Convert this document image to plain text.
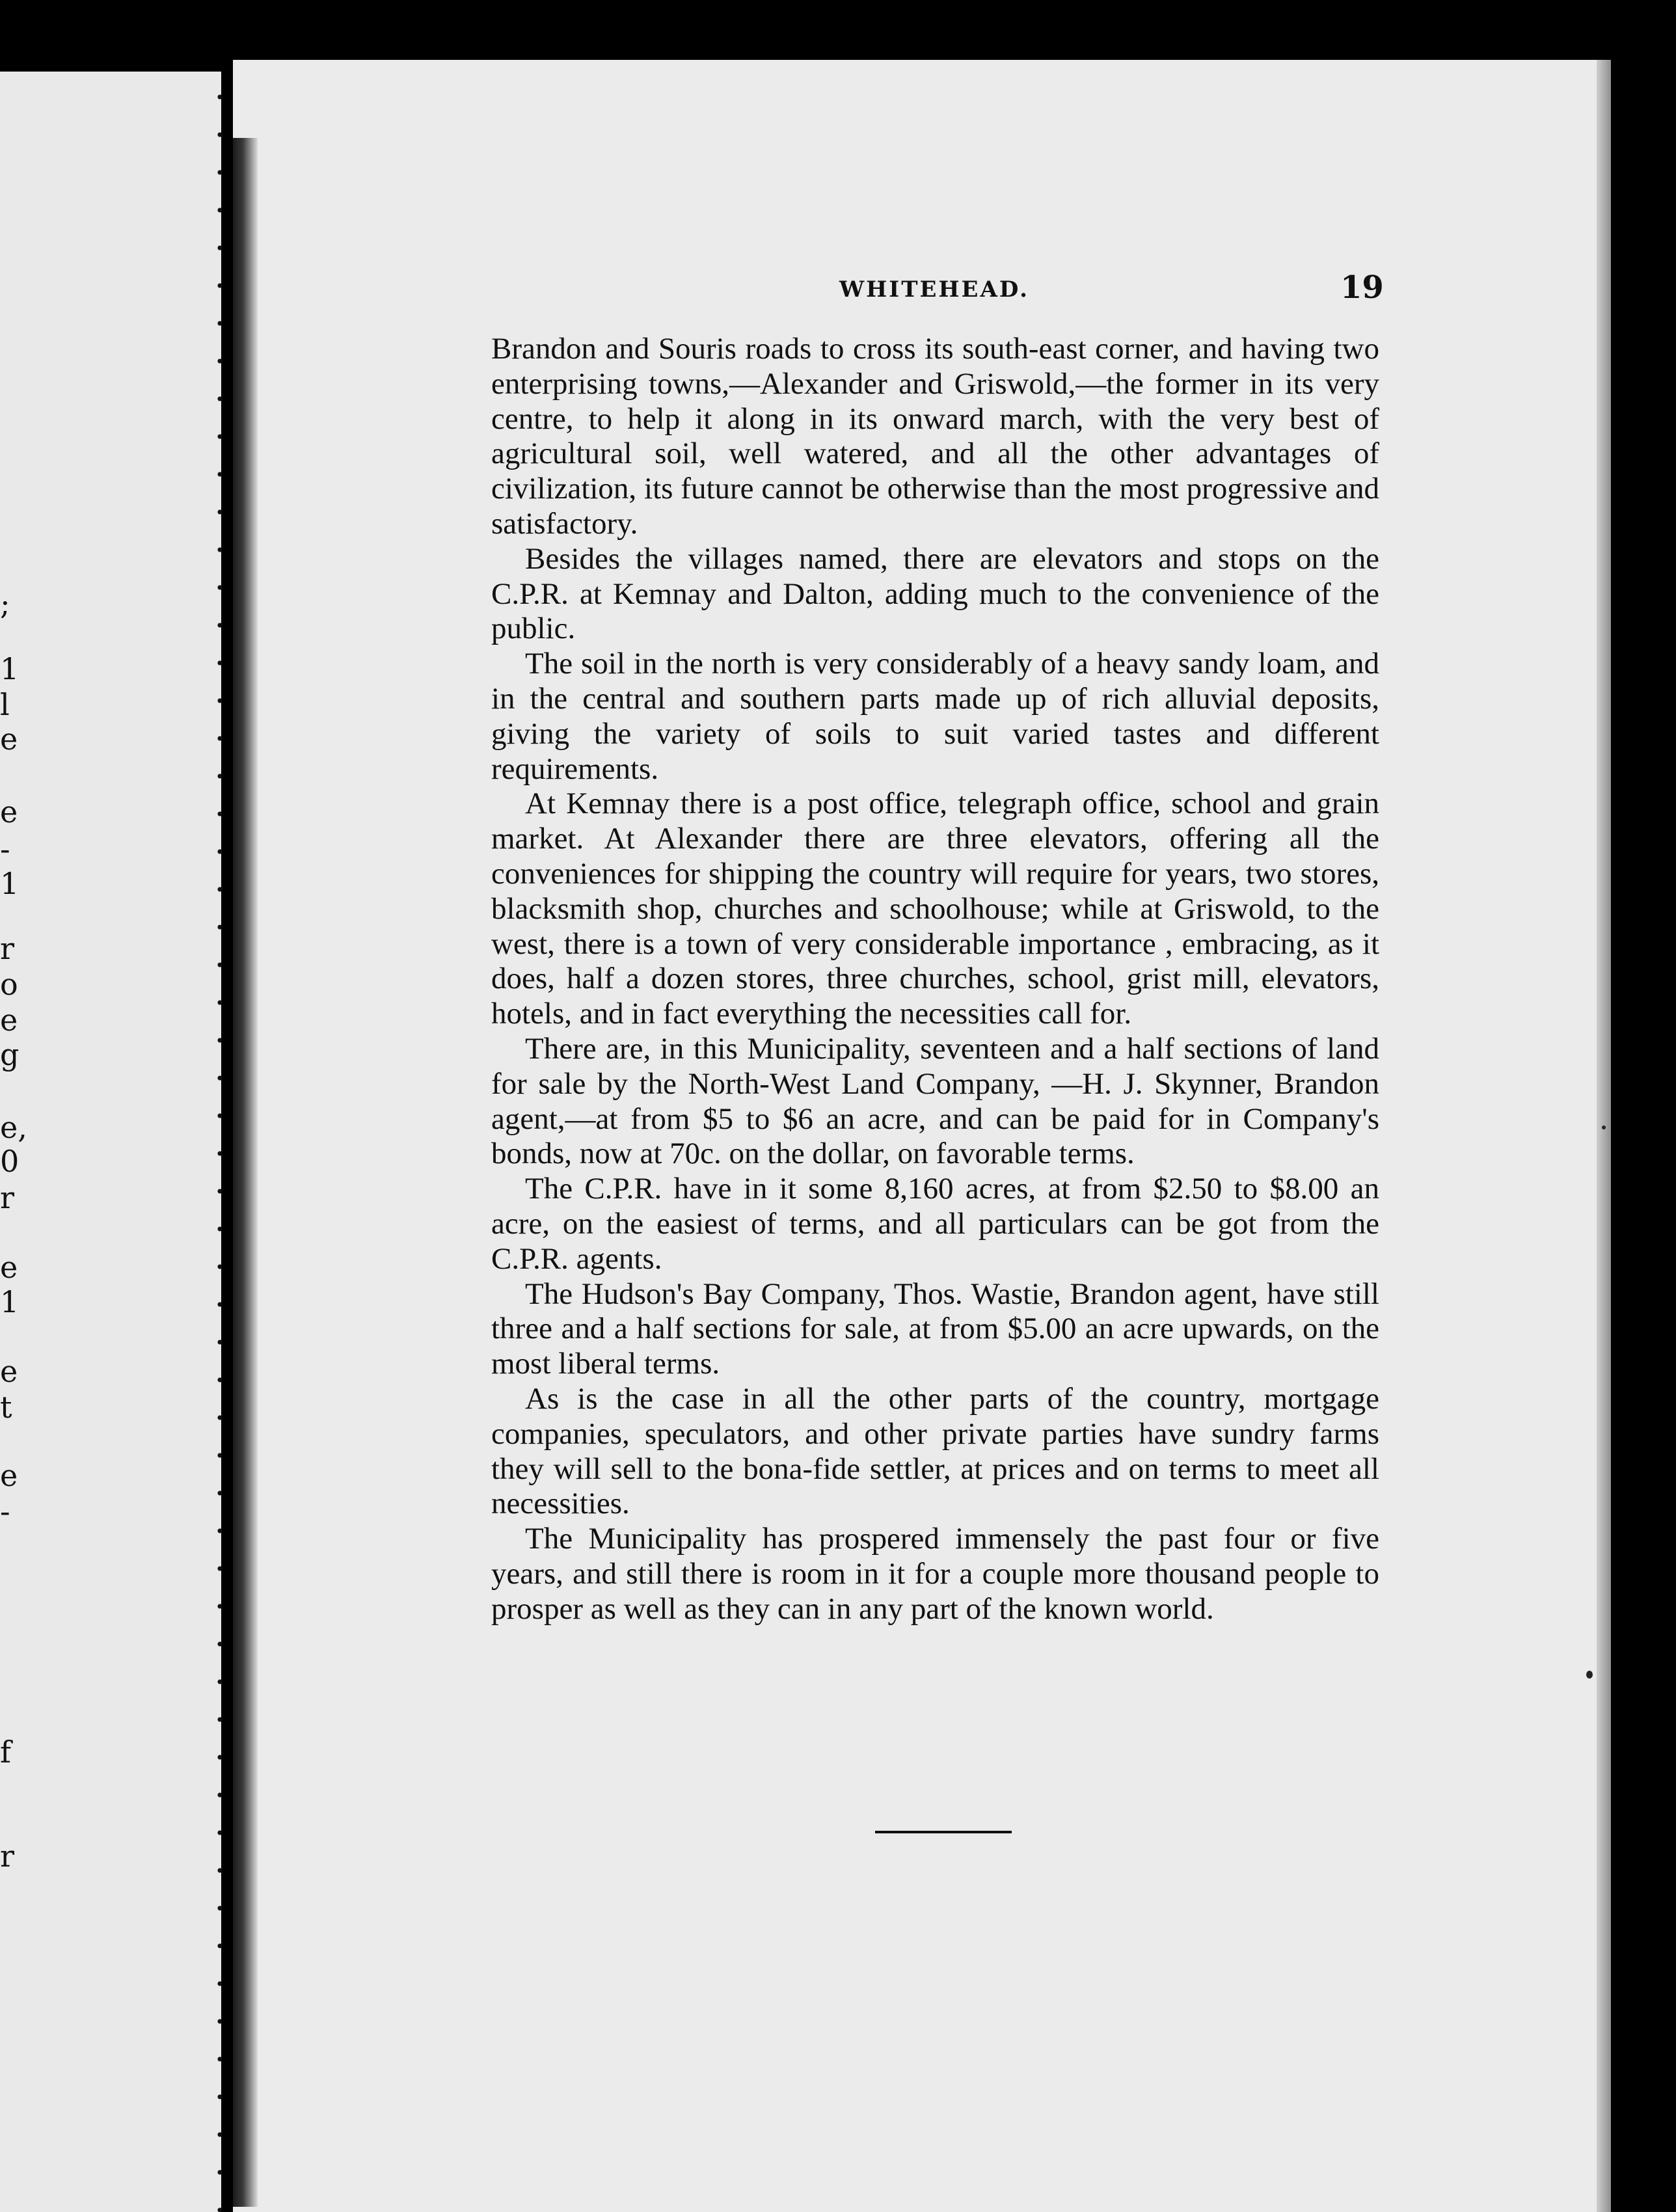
;
1
l
e
e
-
1
r
o
e
g
e,
0
r
e
1
e
t
e
-
f
r
WHITEHEAD.	19

Brandon and Souris roads to cross its south-east corner, and having two enterprising towns,—Alexander and Griswold,—the former in its very centre, to help it along in its onward march, with the very best of agricultural soil, well watered, and all the other advantages of civilization, its future cannot be otherwise than the most progressive and satisfactory.

Besides the villages named, there are elevators and stops on the C.P.R. at Kemnay and Dalton, adding much to the convenience of the public.

The soil in the north is very considerably of a heavy sandy loam, and in the central and southern parts made up of rich alluvial deposits, giving the variety of soils to suit varied tastes and different requirements.

At Kemnay there is a post office, telegraph office, school and grain market. At Alexander there are three elevators, offering all the conveniences for shipping the country will require for years, two stores, blacksmith shop, churches and schoolhouse; while at Griswold, to the west, there is a town of very considerable importance , embracing, as it does, half a dozen stores, three churches, school, grist mill, elevators, hotels, and in fact everything the necessities call for.

There are, in this Municipality, seventeen and a half sections of land for sale by the North-West Land Company, —H. J. Skynner, Brandon agent,—at from $5 to $6 an acre, and can be paid for in Company's bonds, now at 70c. on the dollar, on favorable terms.

The C.P.R. have in it some 8,160 acres, at from $2.50 to $8.00 an acre, on the easiest of terms, and all particulars can be got from the C.P.R. agents.

The Hudson's Bay Company, Thos. Wastie, Brandon agent, have still three and a half sections for sale, at from $5.00 an acre upwards, on the most liberal terms.

As is the case in all the other parts of the country, mortgage companies, speculators, and other private parties have sundry farms they will sell to the bona-fide settler, at prices and on terms to meet all necessities.

The Municipality has prospered immensely the past four or five years, and still there is room in it for a couple more thousand people to prosper as well as they can in any part of the known world.
